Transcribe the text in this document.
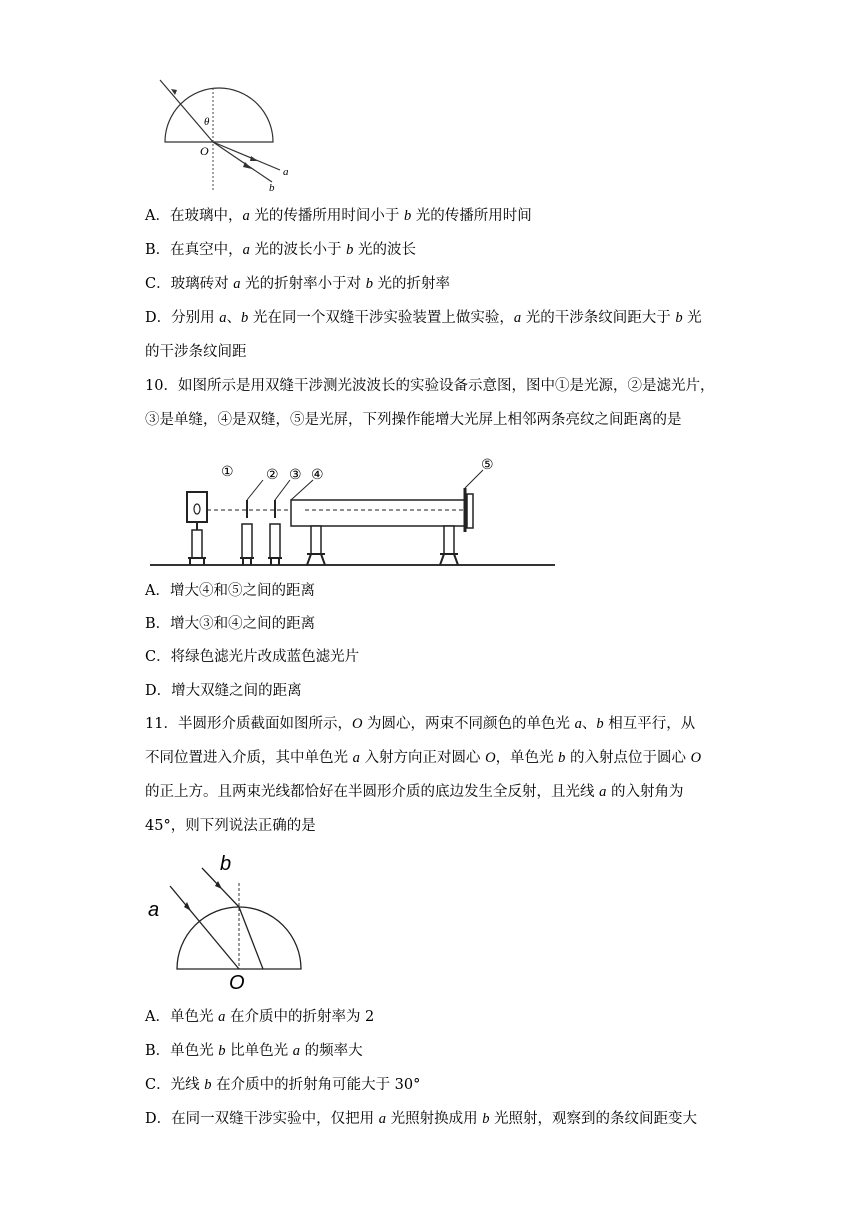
θ
O
a
b
A．在玻璃中，a 光的传播所用时间小于 b 光的传播所用时间
B．在真空中，a 光的波长小于 b 光的波长
C．玻璃砖对 a 光的折射率小于对 b 光的折射率
D．分别用 a、b 光在同一个双缝干涉实验装置上做实验，a 光的干涉条纹间距大于 b 光
的干涉条纹间距
10．如图所示是用双缝干涉测光波波长的实验设备示意图，图中①是光源，②是滤光片，
③是单缝，④是双缝，⑤是光屏，下列操作能增大光屏上相邻两条亮纹之间距离的是
① ② ③ ④
⑤
A．增大④和⑤之间的距离
B．增大③和④之间的距离
C．将绿色滤光片改成蓝色滤光片
D．增大双缝之间的距离
11．半圆形介质截面如图所示，O 为圆心，两束不同颜色的单色光 a、b 相互平行，从
不同位置进入介质，其中单色光 a 入射方向正对圆心 O，单色光 b 的入射点位于圆心 O
的正上方。且两束光线都恰好在半圆形介质的底边发生全反射，且光线 a 的入射角为
45°，则下列说法正确的是
b
a
O
A．单色光 a 在介质中的折射率为 2
B．单色光 b 比单色光 a 的频率大
C．光线 b 在介质中的折射角可能大于 30°
D．在同一双缝干涉实验中，仅把用 a 光照射换成用 b 光照射，观察到的条纹间距变大
